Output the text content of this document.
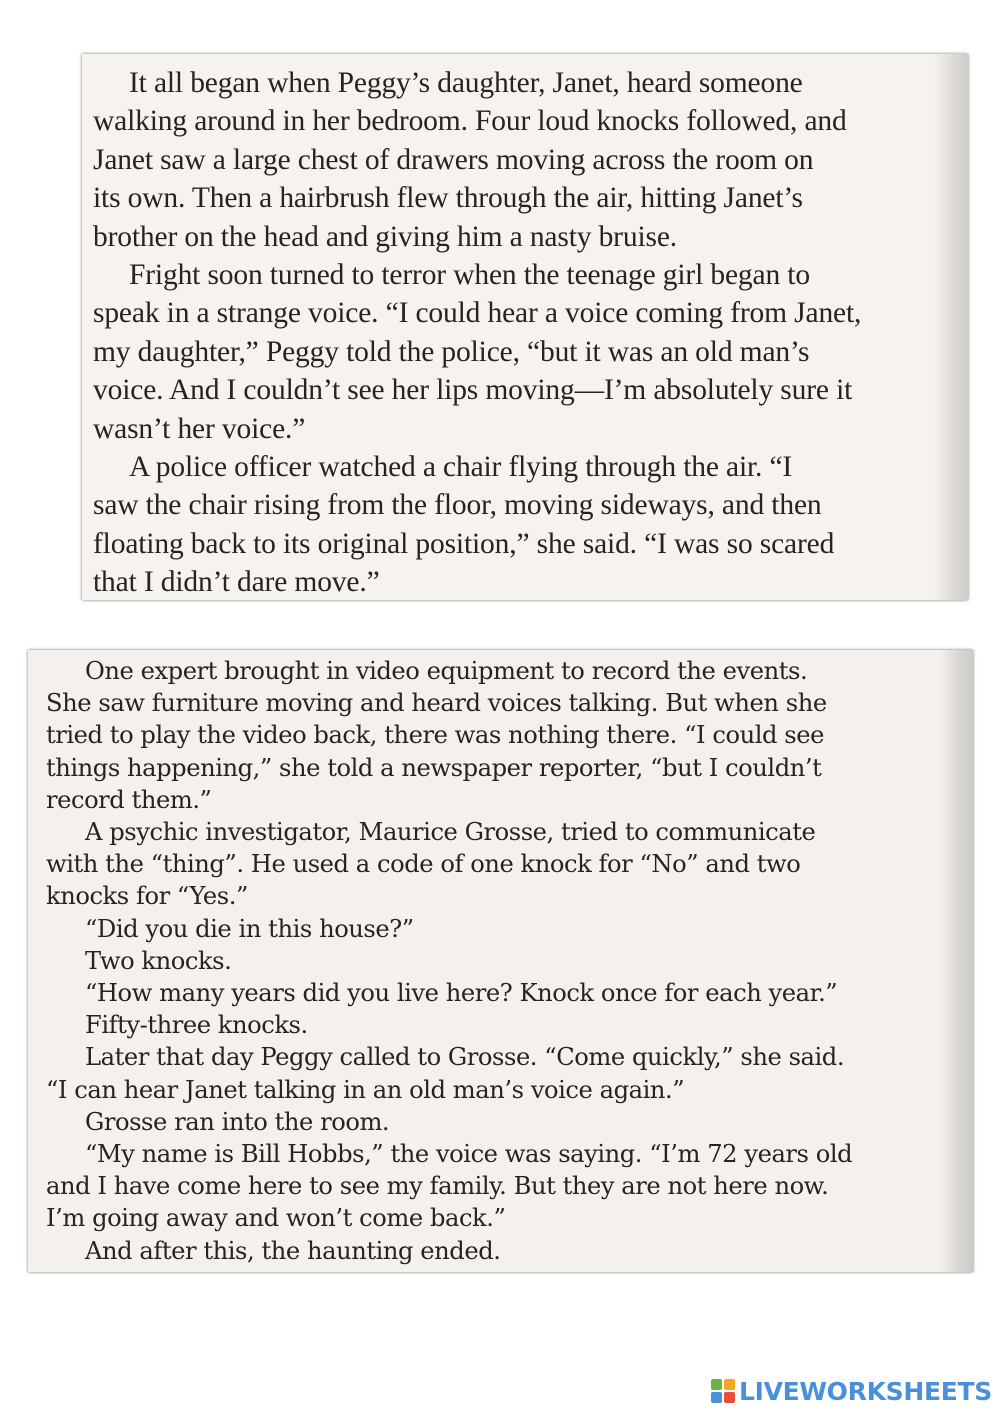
It all began when Peggy’s daughter, Janet, heard someone
walking around in her bedroom. Four loud knocks followed, and
Janet saw a large chest of drawers moving across the room on
its own. Then a hairbrush flew through the air, hitting Janet’s
brother on the head and giving him a nasty bruise.
Fright soon turned to terror when the teenage girl began to
speak in a strange voice. “I could hear a voice coming from Janet,
my daughter,” Peggy told the police, “but it was an old man’s
voice. And I couldn’t see her lips moving—I’m absolutely sure it
wasn’t her voice.”
A police officer watched a chair flying through the air. “I
saw the chair rising from the floor, moving sideways, and then
floating back to its original position,” she said. “I was so scared
that I didn’t dare move.”
One expert brought in video equipment to record the events.
She saw furniture moving and heard voices talking. But when she
tried to play the video back, there was nothing there. “I could see
things happening,” she told a newspaper reporter, “but I couldn’t
record them.”
A psychic investigator, Maurice Grosse, tried to communicate
with the “thing”. He used a code of one knock for “No” and two
knocks for “Yes.”
“Did you die in this house?”
Two knocks.
“How many years did you live here? Knock once for each year.”
Fifty-three knocks.
Later that day Peggy called to Grosse. “Come quickly,” she said.
“I can hear Janet talking in an old man’s voice again.”
Grosse ran into the room.
“My name is Bill Hobbs,” the voice was saying. “I’m 72 years old
and I have come here to see my family. But they are not here now.
I’m going away and won’t come back.”
And after this, the haunting ended.
LIVEWORKSHEETS
